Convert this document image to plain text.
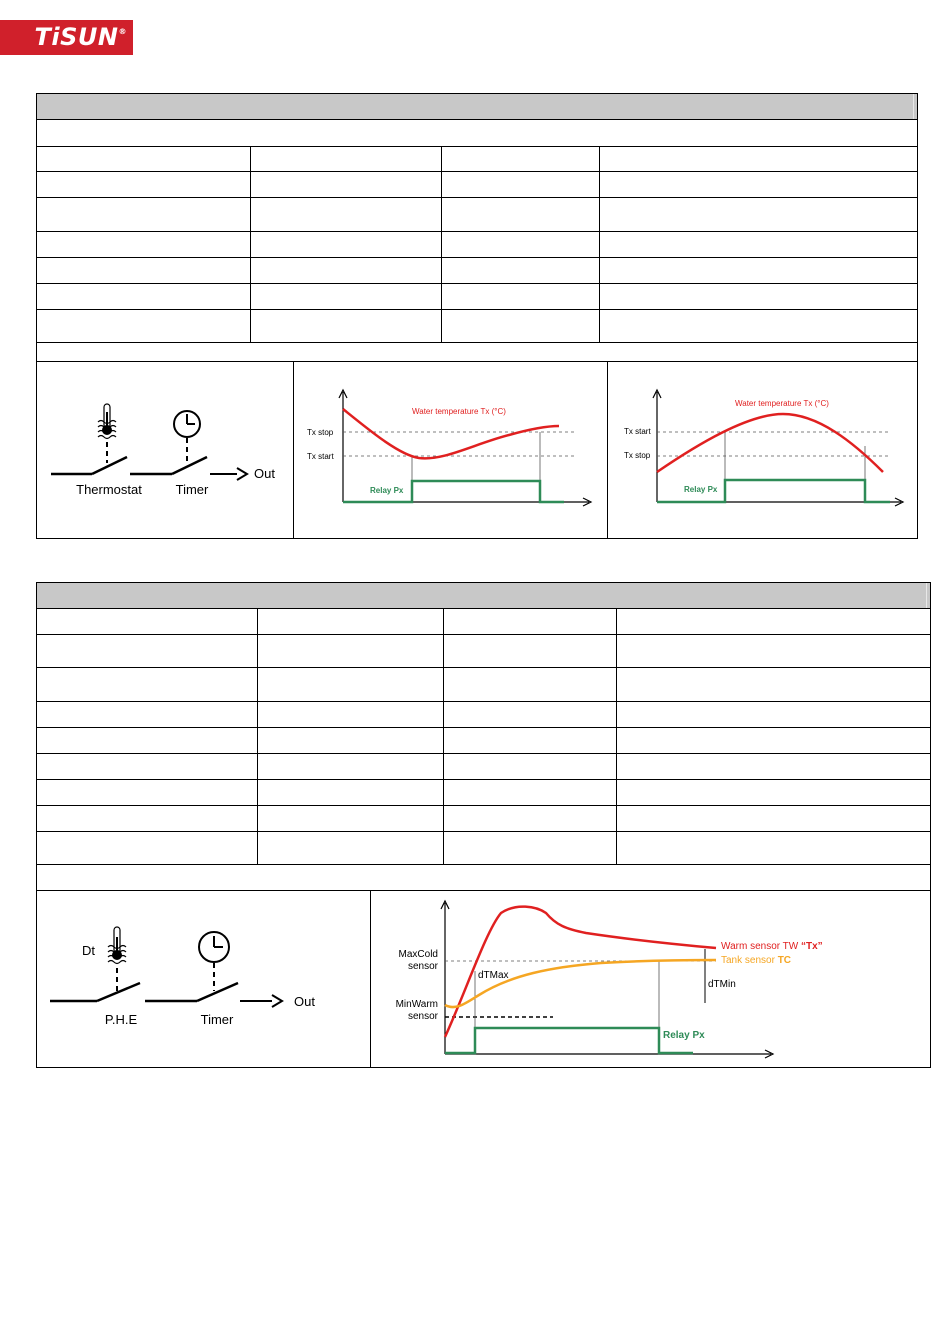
TiSUN®
Thermostat	Timer
Out
Tx stop
Tx start
Water temperature Tx (°C)
Relay Px
Tx start
Tx stop
Water temperature Tx (°C)
Relay Px
Dt
P.H.E	Timer
Out
MaxCold
sensor
MinWarm
sensor
dTMax
dTMin
Warm sensor TW “Tx”
Tank sensor TC
Relay Px
